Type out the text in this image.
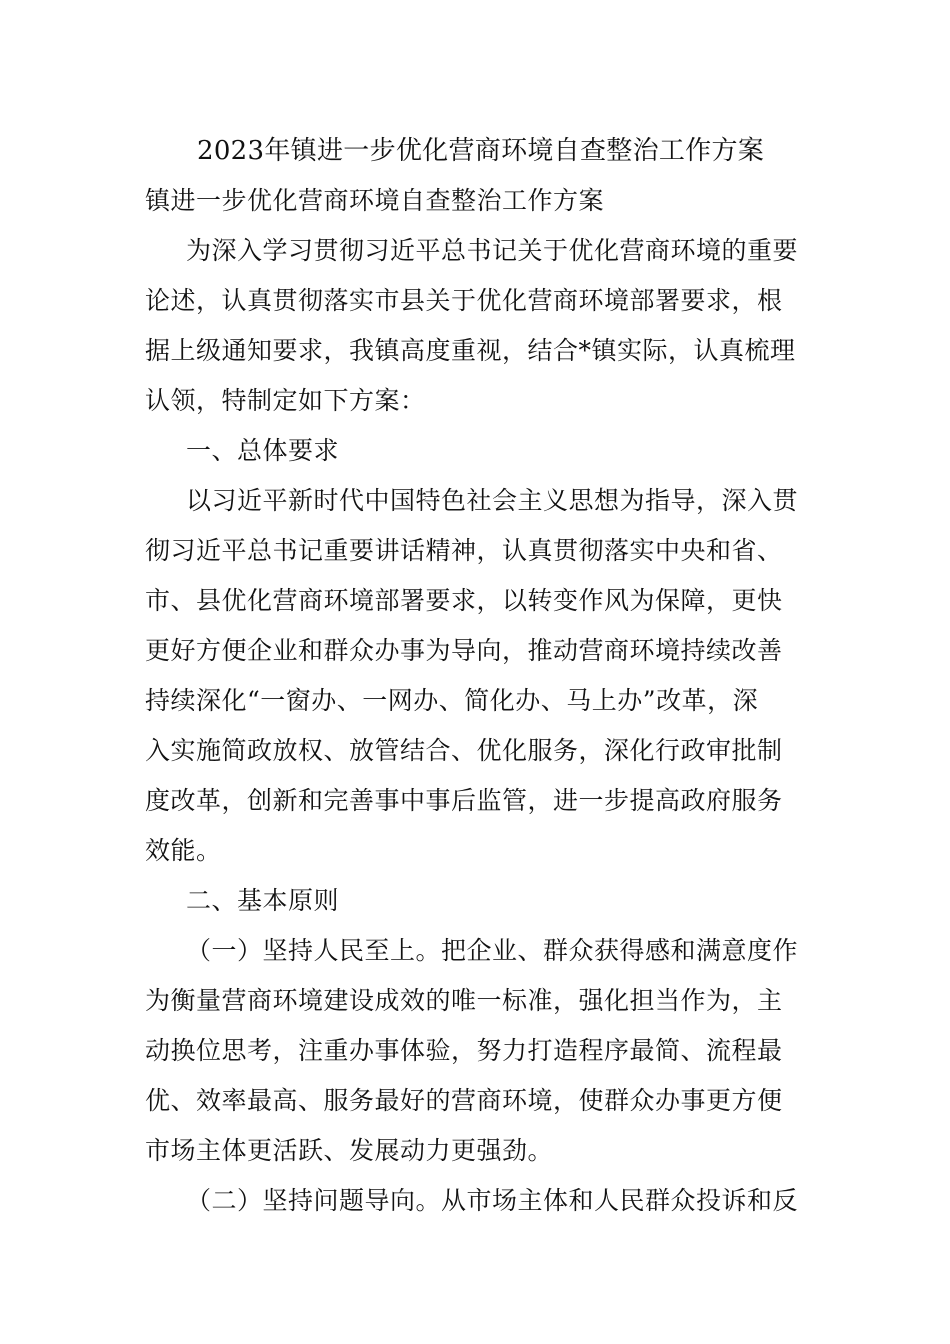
2023年镇进一步优化营商环境自查整治工作方案
镇进一步优化营商环境自查整治工作方案
为深入学习贯彻习近平总书记关于优化营商环境的重要
论述，认真贯彻落实市县关于优化营商环境部署要求，根
据上级通知要求，我镇高度重视，结合*镇实际，认真梳理
认领，特制定如下方案：
一、总体要求
以习近平新时代中国特色社会主义思想为指导，深入贯
彻习近平总书记重要讲话精神，认真贯彻落实中央和省、
市、县优化营商环境部署要求，以转变作风为保障，更快
更好方便企业和群众办事为导向，推动营商环境持续改善
持续深化“一窗办、一网办、简化办、马上办”改革，深
入实施简政放权、放管结合、优化服务，深化行政审批制
度改革，创新和完善事中事后监管，进一步提高政府服务
效能。
二、基本原则
（一）坚持人民至上。把企业、群众获得感和满意度作
为衡量营商环境建设成效的唯一标准，强化担当作为，主
动换位思考，注重办事体验，努力打造程序最简、流程最
优、效率最高、服务最好的营商环境，使群众办事更方便
市场主体更活跃、发展动力更强劲。
（二）坚持问题导向。从市场主体和人民群众投诉和反
